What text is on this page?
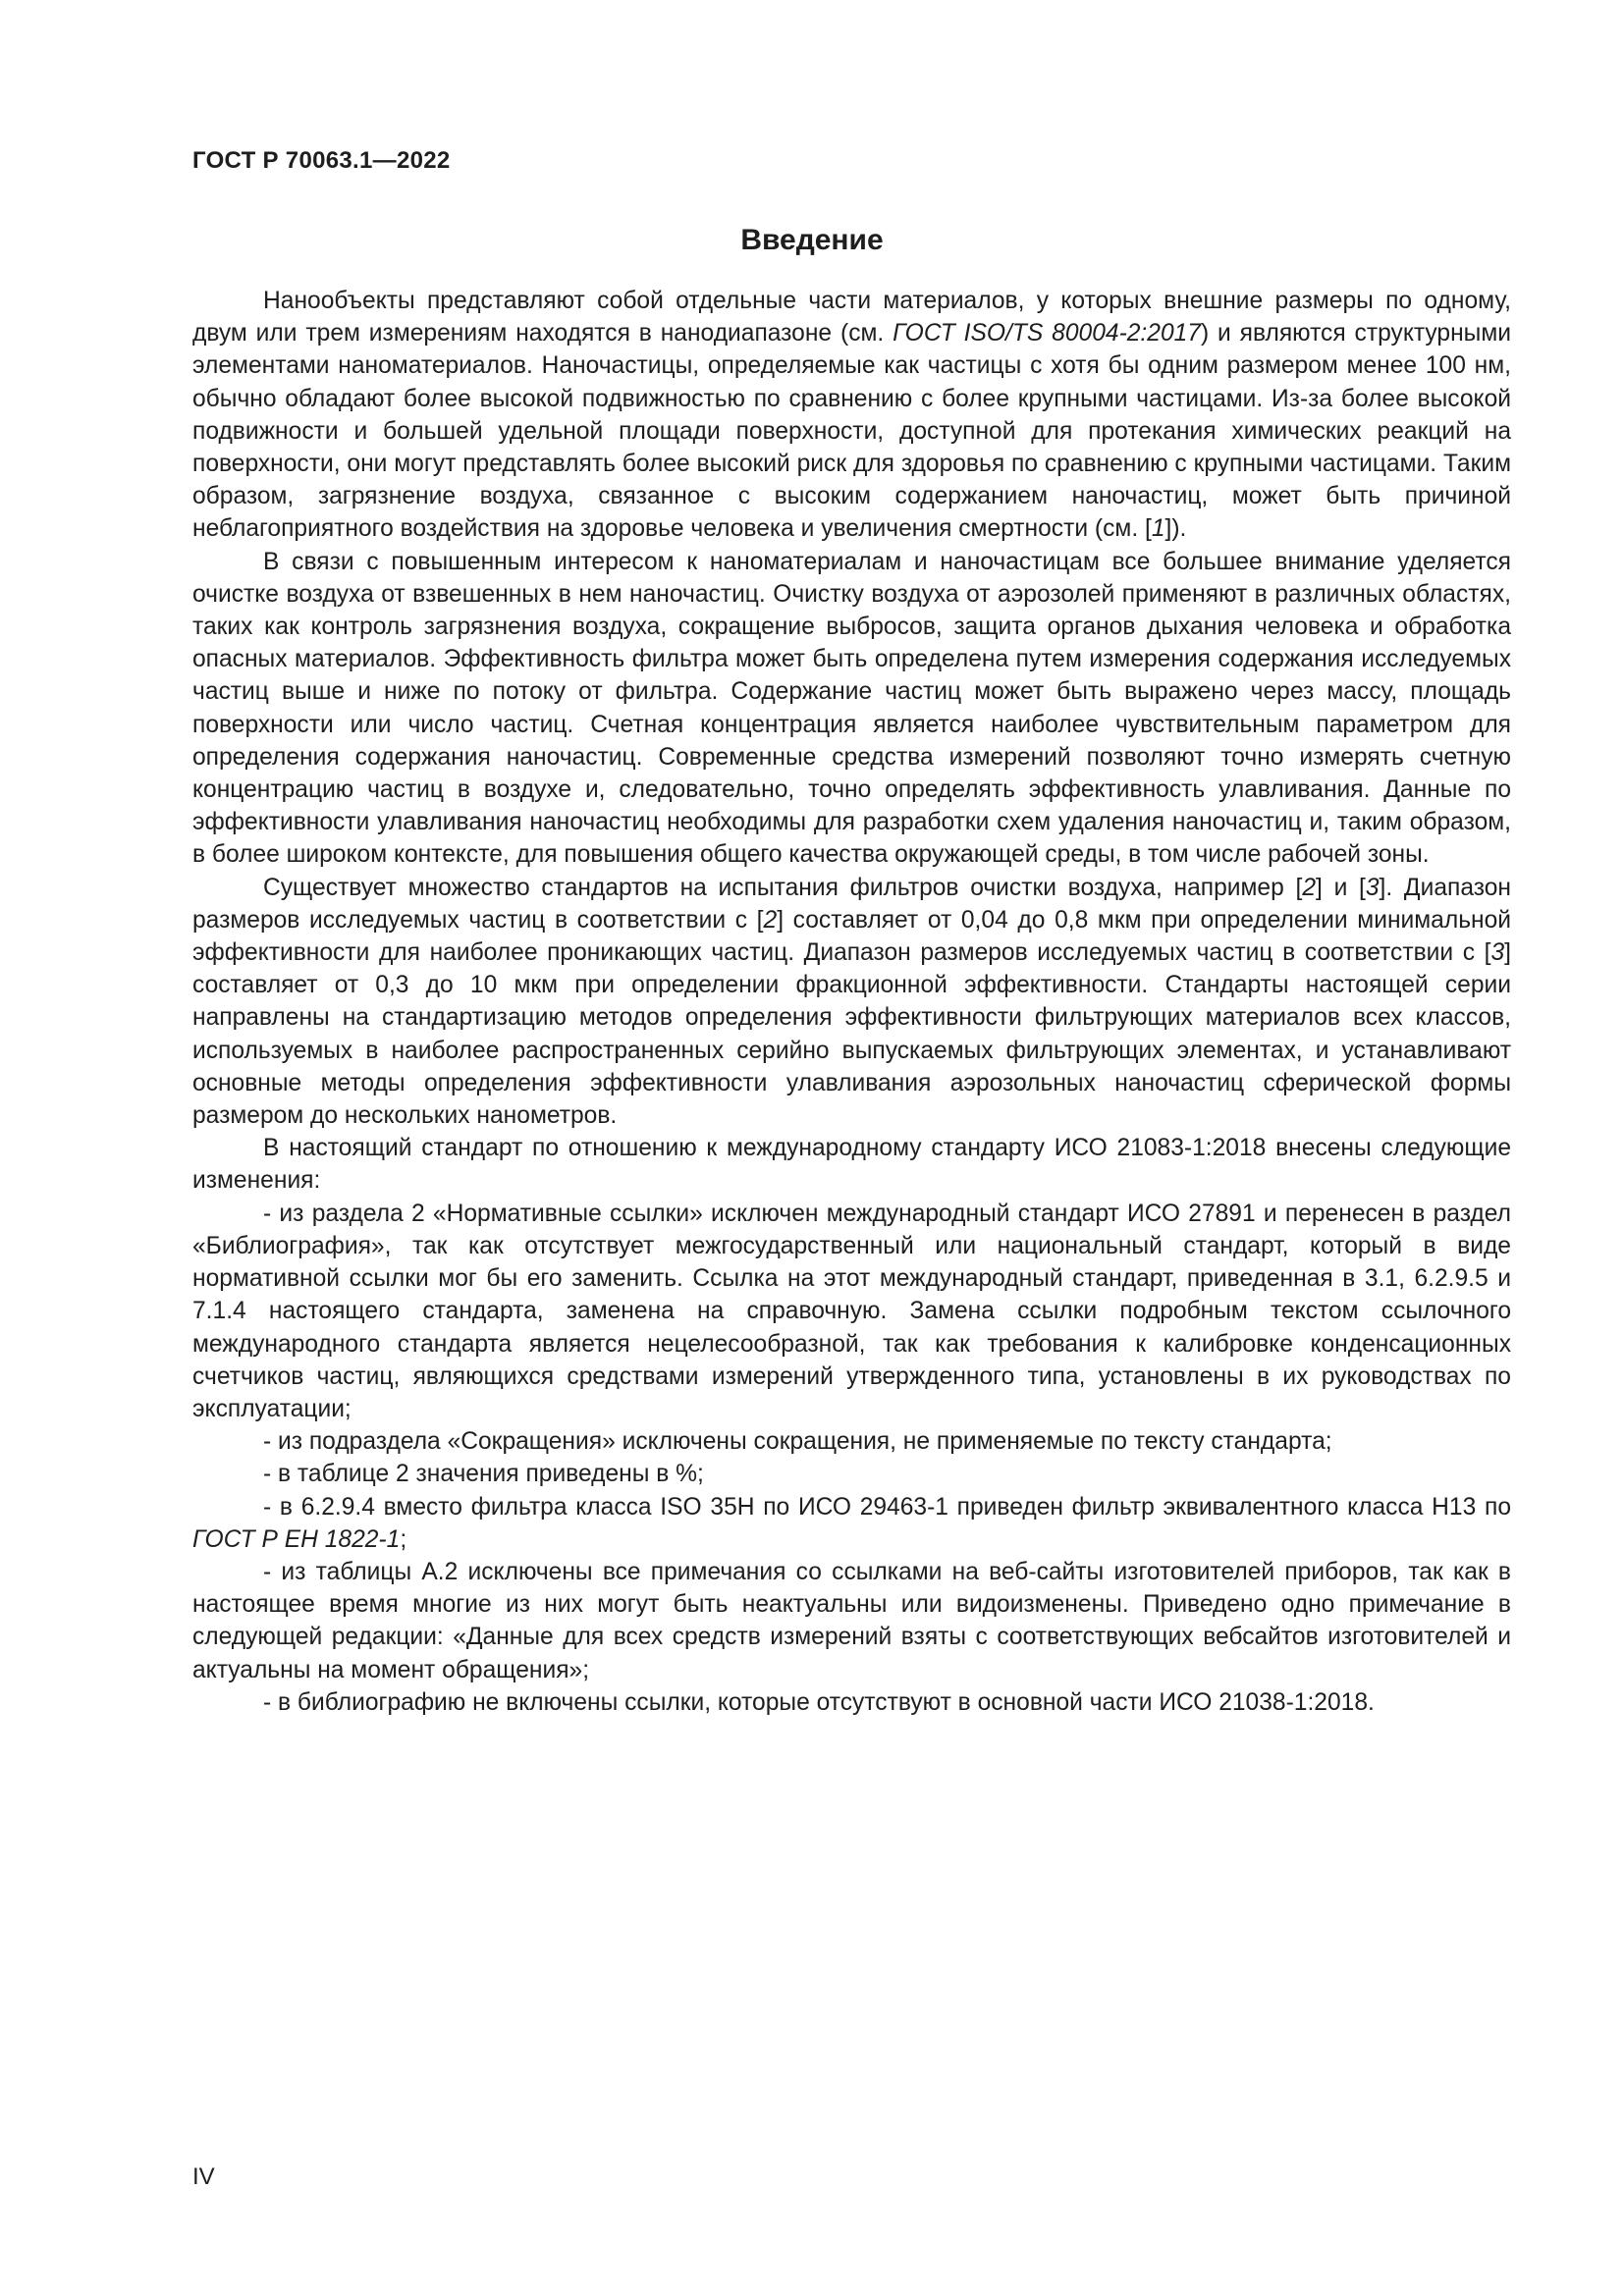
ГОСТ Р 70063.1—2022
Введение

Нанообъекты представляют собой отдельные части материалов, у которых внешние размеры по одному, двум или трем измерениям находятся в нанодиапазоне (см. ГОСТ ISO/TS 80004-2:2017) и являются структурными элементами наноматериалов. Наночастицы, определяемые как частицы с хотя бы одним размером менее 100 нм, обычно обладают более высокой подвижностью по сравнению с более крупными частицами. Из-за более высокой подвижности и большей удельной площади поверхности, доступной для протекания химических реакций на поверхности, они могут представлять более высокий риск для здоровья по сравнению с крупными частицами. Таким образом, загрязнение воздуха, связанное с высоким содержанием наночастиц, может быть причиной неблагоприятного воздействия на здоровье человека и увеличения смертности (см. [1]).

В связи с повышенным интересом к наноматериалам и наночастицам все большее внимание уделяется очистке воздуха от взвешенных в нем наночастиц. Очистку воздуха от аэрозолей применяют в различных областях, таких как контроль загрязнения воздуха, сокращение выбросов, защита органов дыхания человека и обработка опасных материалов. Эффективность фильтра может быть определена путем измерения содержания исследуемых частиц выше и ниже по потоку от фильтра. Содержание частиц может быть выражено через массу, площадь поверхности или число частиц. Счетная концентрация является наиболее чувствительным параметром для определения содержания наночастиц. Современные средства измерений позволяют точно измерять счетную концентрацию частиц в воздухе и, следовательно, точно определять эффективность улавливания. Данные по эффективности улавливания наночастиц необходимы для разработки схем удаления наночастиц и, таким образом, в более широком контексте, для повышения общего качества окружающей среды, в том числе рабочей зоны.

Существует множество стандартов на испытания фильтров очистки воздуха, например [2] и [3]. Диапазон размеров исследуемых частиц в соответствии с [2] составляет от 0,04 до 0,8 мкм при определении минимальной эффективности для наиболее проникающих частиц. Диапазон размеров исследуемых частиц в соответствии с [3] составляет от 0,3 до 10 мкм при определении фракционной эффективности. Стандарты настоящей серии направлены на стандартизацию методов определения эффективности фильтрующих материалов всех классов, используемых в наиболее распространенных серийно выпускаемых фильтрующих элементах, и устанавливают основные методы определения эффективности улавливания аэрозольных наночастиц сферической формы размером до нескольких нанометров.

В настоящий стандарт по отношению к международному стандарту ИСО 21083-1:2018 внесены следующие изменения:

- из раздела 2 «Нормативные ссылки» исключен международный стандарт ИСО 27891 и перенесен в раздел «Библиография», так как отсутствует межгосударственный или национальный стандарт, который в виде нормативной ссылки мог бы его заменить. Ссылка на этот международный стандарт, приведенная в 3.1, 6.2.9.5 и 7.1.4 настоящего стандарта, заменена на справочную. Замена ссылки подробным текстом ссылочного международного стандарта является нецелесообразной, так как требования к калибровке конденсационных счетчиков частиц, являющихся средствами измерений утвержденного типа, установлены в их руководствах по эксплуатации;

- из подраздела «Сокращения» исключены сокращения, не применяемые по тексту стандарта;

- в таблице 2 значения приведены в %;

- в 6.2.9.4 вместо фильтра класса ISO 35H по ИСО 29463-1 приведен фильтр эквивалентного класса Н13 по ГОСТ Р ЕН 1822-1;

- из таблицы А.2 исключены все примечания со ссылками на веб-сайты изготовителей приборов, так как в настоящее время многие из них могут быть неактуальны или видоизменены. Приведено одно примечание в следующей редакции: «Данные для всех средств измерений взяты с соответствующих вебсайтов изготовителей и актуальны на момент обращения»;

- в библиографию не включены ссылки, которые отсутствуют в основной части ИСО 21038-1:2018.

IV
